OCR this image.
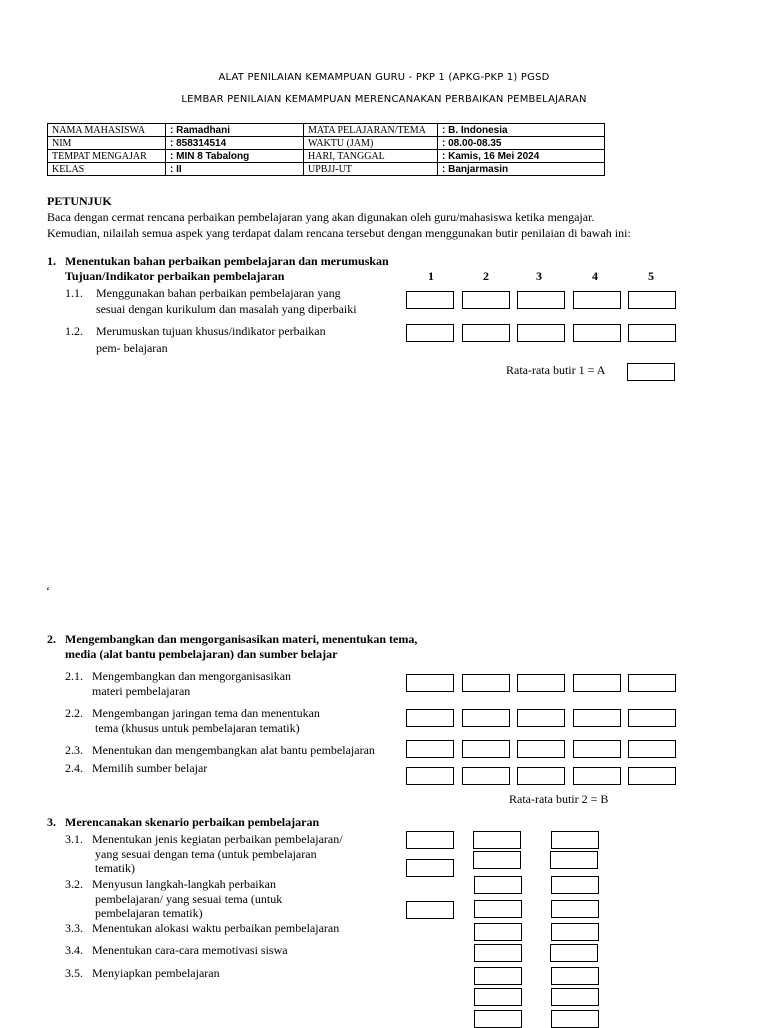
ALAT PENILAIAN KEMAMPUAN GURU - PKP 1 (APKG-PKP 1) PGSD
LEMBAR PENILAIAN KEMAMPUAN MERENCANAKAN PERBAIKAN PEMBELAJARAN
NAMA MAHASISWA	: Ramadhani	MATA PELAJARAN/TEMA	: B. Indonesia
NIM	: 858314514	WAKTU (JAM)	: 08.00-08.35
TEMPAT MENGAJAR	: MIN 8 Tabalong	HARI, TANGGAL	: Kamis, 16 Mei 2024
KELAS	: II	UPBJJ-UT	: Banjarmasin
PETUNJUK
Baca dengan cermat rencana perbaikan pembelajaran yang akan digunakan oleh guru/mahasiswa ketika mengajar.
Kemudian, nilailah semua aspek yang terdapat dalam rencana tersebut dengan menggunakan butir penilaian di bawah ini:
1. Menentukan bahan perbaikan pembelajaran dan merumuskan
Tujuan/Indikator perbaikan pembelajaran	1	2	3	4	5
1.1. Menggunakan bahan perbaikan pembelajaran yang
sesuai dengan kurikulum dan masalah yang diperbaiki
1.2. Merumuskan tujuan khusus/indikator perbaikan
pem- belajaran
Rata-rata butir 1 = A
‘
2. Mengembangkan dan mengorganisasikan materi, menentukan tema,
media (alat bantu pembelajaran) dan sumber belajar
2.1. Mengembangkan dan mengorganisasikan
materi pembelajaran
2.2. Mengembangan jaringan tema dan menentukan
tema (khusus untuk pembelajaran tematik)
2.3. Menentukan dan mengembangkan alat bantu pembelajaran
2.4. Memilih sumber belajar
Rata-rata butir 2 = B
3. Merencanakan skenario perbaikan pembelajaran
3.1. Menentukan jenis kegiatan perbaikan pembelajaran/
yang sesuai dengan tema (untuk pembelajaran
tematik)
3.2. Menyusun langkah-langkah perbaikan
pembelajaran/ yang sesuai tema (untuk
pembelajaran tematik)
3.3. Menentukan alokasi waktu perbaikan pembelajaran
3.4. Menentukan cara-cara memotivasi siswa
3.5. Menyiapkan pembelajaran
